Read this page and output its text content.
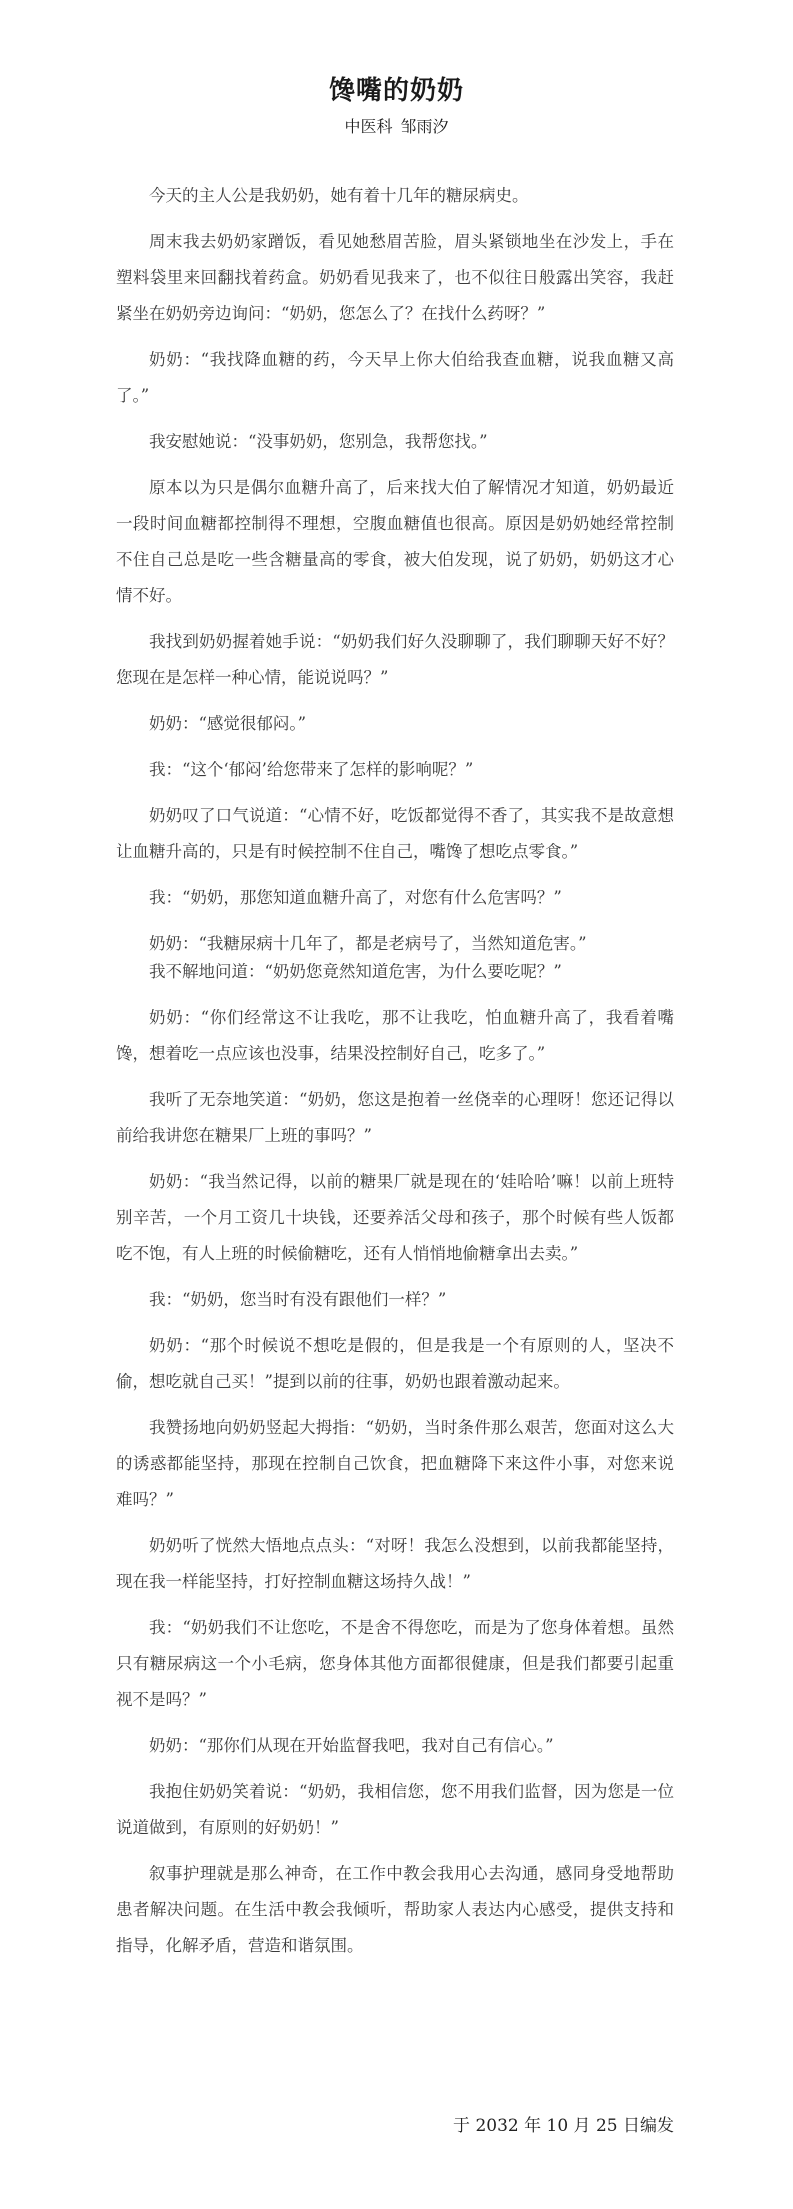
馋嘴的奶奶
中医科 邹雨汐

今天的主人公是我奶奶，她有着十几年的糖尿病史。

周末我去奶奶家蹭饭，看见她愁眉苦脸，眉头紧锁地坐在沙发上，手在塑料袋里来回翻找着药盒。奶奶看见我来了，也不似往日般露出笑容，我赶紧坐在奶奶旁边询问：“奶奶，您怎么了？在找什么药呀？”

奶奶：“我找降血糖的药，今天早上你大伯给我查血糖，说我血糖又高了。”

我安慰她说：“没事奶奶，您别急，我帮您找。”

原本以为只是偶尔血糖升高了，后来找大伯了解情况才知道，奶奶最近一段时间血糖都控制得不理想，空腹血糖值也很高。原因是奶奶她经常控制不住自己总是吃一些含糖量高的零食，被大伯发现，说了奶奶，奶奶这才心情不好。

我找到奶奶握着她手说：“奶奶我们好久没聊聊了，我们聊聊天好不好？您现在是怎样一种心情，能说说吗？”

奶奶：“感觉很郁闷。”

我：“这个‘郁闷’给您带来了怎样的影响呢？”

奶奶叹了口气说道：“心情不好，吃饭都觉得不香了，其实我不是故意想让血糖升高的，只是有时候控制不住自己，嘴馋了想吃点零食。”

我：“奶奶，那您知道血糖升高了，对您有什么危害吗？”

奶奶：“我糖尿病十几年了，都是老病号了，当然知道危害。”

我不解地问道：“奶奶您竟然知道危害，为什么要吃呢？”

奶奶：“你们经常这不让我吃，那不让我吃，怕血糖升高了，我看着嘴馋，想着吃一点应该也没事，结果没控制好自己，吃多了。”

我听了无奈地笑道：“奶奶，您这是抱着一丝侥幸的心理呀！您还记得以前给我讲您在糖果厂上班的事吗？”

奶奶：“我当然记得，以前的糖果厂就是现在的‘娃哈哈’嘛！以前上班特别辛苦，一个月工资几十块钱，还要养活父母和孩子，那个时候有些人饭都吃不饱，有人上班的时候偷糖吃，还有人悄悄地偷糖拿出去卖。”

我：“奶奶，您当时有没有跟他们一样？”

奶奶：“那个时候说不想吃是假的，但是我是一个有原则的人，坚决不偷，想吃就自己买！”提到以前的往事，奶奶也跟着激动起来。

我赞扬地向奶奶竖起大拇指：“奶奶，当时条件那么艰苦，您面对这么大的诱惑都能坚持，那现在控制自己饮食，把血糖降下来这件小事，对您来说难吗？”

奶奶听了恍然大悟地点点头：“对呀！我怎么没想到，以前我都能坚持，现在我一样能坚持，打好控制血糖这场持久战！”

我：“奶奶我们不让您吃，不是舍不得您吃，而是为了您身体着想。虽然只有糖尿病这一个小毛病，您身体其他方面都很健康，但是我们都要引起重视不是吗？”

奶奶：“那你们从现在开始监督我吧，我对自己有信心。”

我抱住奶奶笑着说：“奶奶，我相信您，您不用我们监督，因为您是一位说道做到，有原则的好奶奶！”

叙事护理就是那么神奇，在工作中教会我用心去沟通，感同身受地帮助患者解决问题。在生活中教会我倾听，帮助家人表达内心感受，提供支持和指导，化解矛盾，营造和谐氛围。

于 2032 年 10 月 25 日编发
